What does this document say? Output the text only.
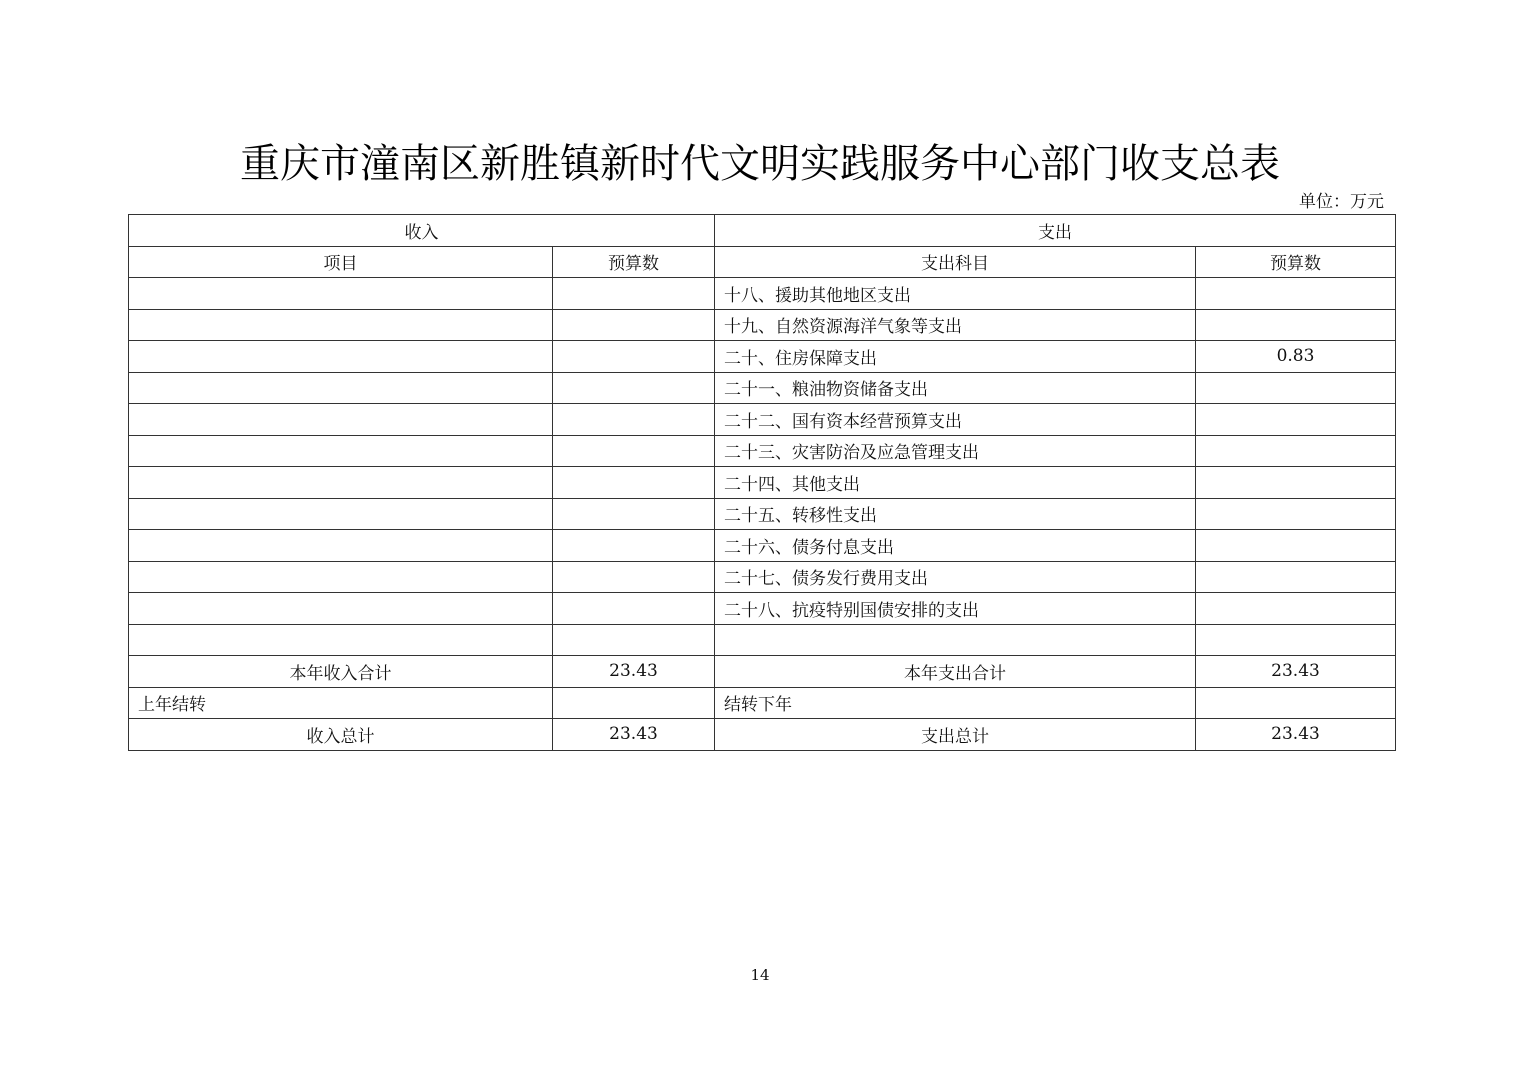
重庆市潼南区新胜镇新时代文明实践服务中心部门收支总表
单位：万元
收入		支出	
项目	预算数	支出科目	预算数
		十八、援助其他地区支出	
		十九、自然资源海洋气象等支出	
		二十、住房保障支出	0.83
		二十一、粮油物资储备支出	
		二十二、国有资本经营预算支出	
		二十三、灾害防治及应急管理支出	
		二十四、其他支出	
		二十五、转移性支出	
		二十六、债务付息支出	
		二十七、债务发行费用支出	
		二十八、抗疫特别国债安排的支出	

本年收入合计	23.43	本年支出合计	23.43
上年结转		结转下年	
收入总计	23.43	支出总计	23.43
14
